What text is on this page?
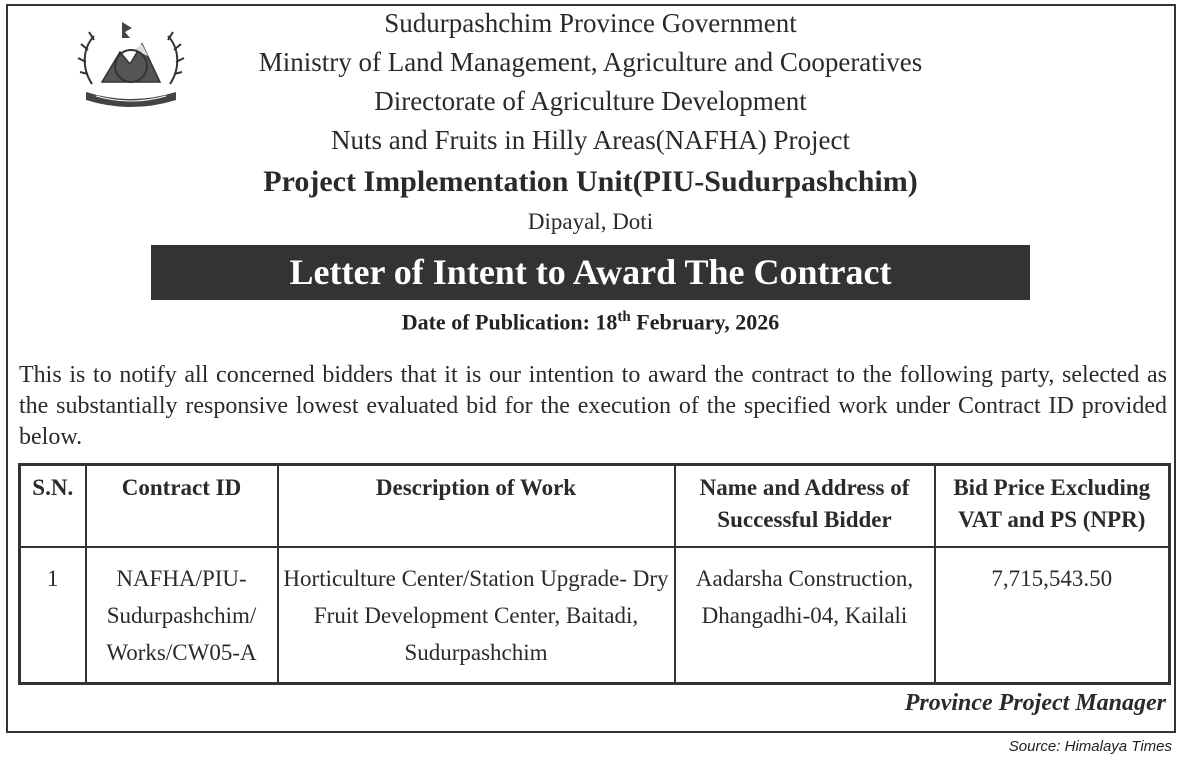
Sudurpashchim Province Government
Ministry of Land Management, Agriculture and Cooperatives
Directorate of Agriculture Development
Nuts and Fruits in Hilly Areas(NAFHA) Project
Project Implementation Unit(PIU-Sudurpashchim)
Dipayal, Doti
Letter of Intent to Award The Contract
Date of Publication: 18th February, 2026
This is to notify all concerned bidders that it is our intention to award the contract to the following party, selected as the substantially responsive lowest evaluated bid for the execution of the specified work under Contract ID provided below.
S.N.	Contract ID	Description of Work	Name and Address of Successful Bidder	Bid Price Excluding VAT and PS (NPR)
1	NAFHA/PIU-Sudurpashchim/ Works/CW05-A	Horticulture Center/Station Upgrade- Dry Fruit Development Center, Baitadi, Sudurpashchim	Aadarsha Construction, Dhangadhi-04, Kailali	7,715,543.50
Province Project Manager
Source: Himalaya Times
